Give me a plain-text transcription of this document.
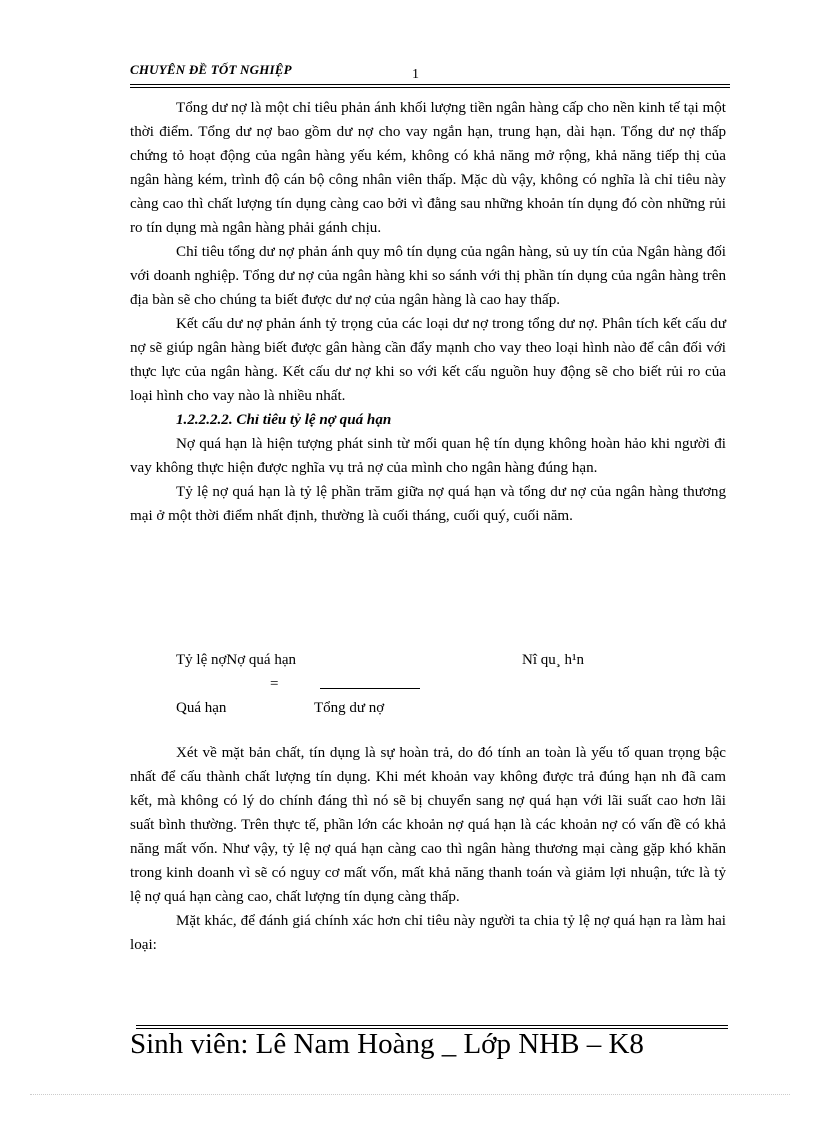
CHUYÊN ĐỀ TỐT NGHIỆP	1

Tổng dư nợ là một chỉ tiêu phản ánh khối lượng tiền ngân hàng cấp cho nền kinh tế tại một thời điểm. Tổng dư nợ bao gồm dư nợ cho vay ngắn hạn, trung hạn, dài hạn. Tổng dư nợ thấp chứng tỏ hoạt động của ngân hàng yếu kém, không có khả năng mở rộng, khả năng tiếp thị của ngân hàng kém, trình độ cán bộ công nhân viên thấp. Mặc dù vậy, không có nghĩa là chỉ tiêu này càng cao thì chất lượng tín dụng càng cao bởi vì đằng sau những khoản tín dụng đó còn những rủi ro tín dụng mà ngân hàng phải gánh chịu.

Chỉ tiêu tổng dư nợ phản ánh quy mô tín dụng của ngân hàng, sủ uy tín của Ngân hàng đối với doanh nghiệp. Tổng dư nợ của ngân hàng khi so sánh với thị phần tín dụng của ngân hàng trên địa bàn sẽ cho chúng ta biết được dư nợ của ngân hàng là cao hay thấp.

Kết cấu dư nợ phản ánh tỷ trọng của các loại dư nợ trong tổng dư nợ. Phân tích kết cấu dư nợ sẽ giúp ngân hàng biết được gân hàng cần đẩy mạnh cho vay theo loại hình nào để cân đối với thực lực của ngân hàng. Kết cấu dư nợ khi so với kết cấu nguồn huy động sẽ cho biết rủi ro của loại hình cho vay nào là nhiều nhất.

1.2.2.2.2. Chỉ tiêu tỷ lệ nợ quá hạn

Nợ quá hạn là hiện tượng phát sinh từ mối quan hệ tín dụng không hoàn hảo khi người đi vay không thực hiện được nghĩa vụ trả nợ của mình cho ngân hàng đúng hạn.

Tỷ lệ nợ quá hạn là tỷ lệ phần trăm giữa nợ quá hạn và tổng dư nợ của ngân hàng thương mại ở một thời điểm nhất định, thường là cuối tháng, cuối quý, cuối năm.

Tỷ lệ nợNợ quá hạn	Nî qu¸ h¹n
=
Quá hạn	Tổng dư nợ

Xét về mặt bản chất, tín dụng là sự hoàn trả, do đó tính an toàn là yếu tố quan trọng bậc nhất để cấu thành chất lượng tín dụng. Khi mét khoản vay không được trả đúng hạn nh đã cam kết, mà không có lý do chính đáng thì nó sẽ bị chuyển sang nợ quá hạn với lãi suất cao hơn lãi suất bình thường. Trên thực tế, phần lớn các khoản nợ quá hạn là các khoản nợ có vấn đề có khả năng mất vốn. Như vậy, tỷ lệ nợ quá hạn càng cao thì ngân hàng thương mại càng gặp khó khăn trong kinh doanh vì sẽ có nguy cơ mất vốn, mất khả năng thanh toán và giảm lợi nhuận, tức là tỷ lệ nợ quá hạn càng cao, chất lượng tín dụng càng thấp.

Mặt khác, để đánh giá chính xác hơn chỉ tiêu này người ta chia tỷ lệ nợ quá hạn ra làm hai loại:

Sinh viên: Lê Nam Hoàng _ Lớp NHB – K8
